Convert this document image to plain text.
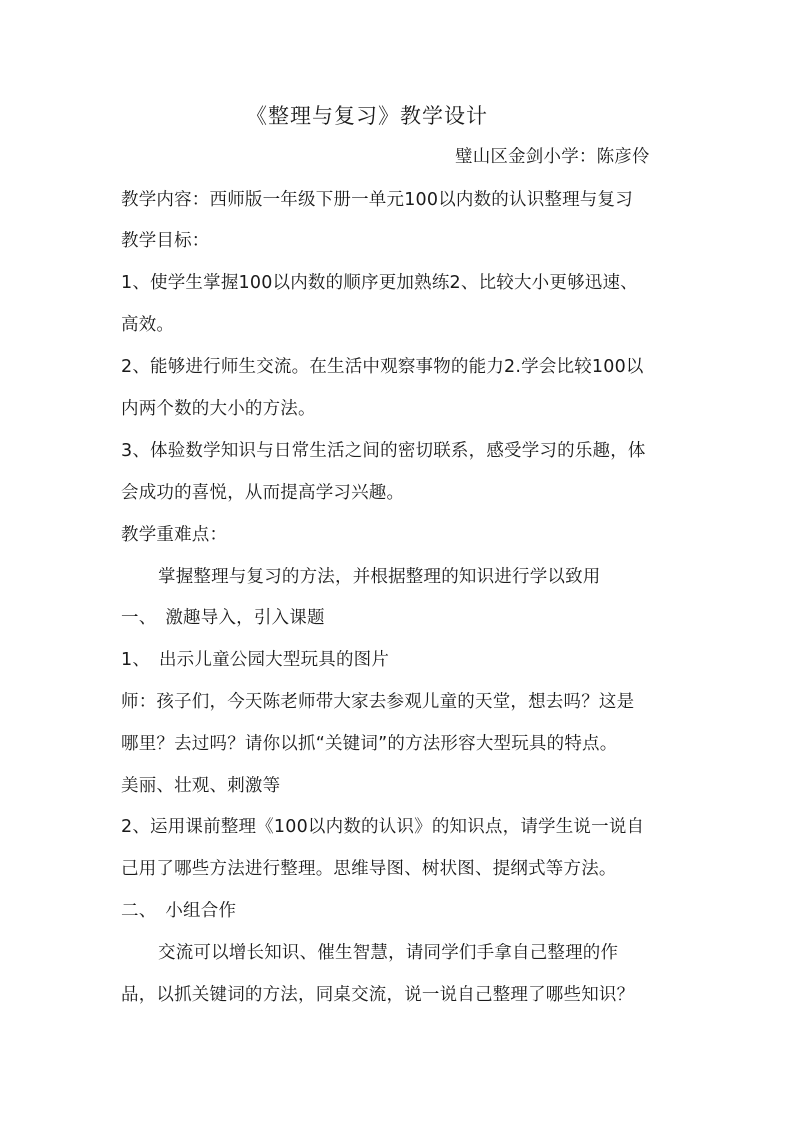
《整理与复习》教学设计
璧山区金剑小学：陈彦伶
教学内容：西师版一年级下册一单元100以内数的认识整理与复习
教学目标：
1、使学生掌握100以内数的顺序更加熟练2、比较大小更够迅速、
高效。
2、能够进行师生交流。在生活中观察事物的能力2.学会比较100以
内两个数的大小的方法。
3、体验数学知识与日常生活之间的密切联系，感受学习的乐趣，体
会成功的喜悦，从而提高学习兴趣。
教学重难点：
掌握整理与复习的方法，并根据整理的知识进行学以致用
一、　激趣导入，引入课题
1、　出示儿童公园大型玩具的图片
师：孩子们，今天陈老师带大家去参观儿童的天堂，想去吗？这是
哪里？去过吗？请你以抓“关键词”的方法形容大型玩具的特点。
美丽、壮观、刺激等
2、运用课前整理《100以内数的认识》的知识点，请学生说一说自
己用了哪些方法进行整理。思维导图、树状图、提纲式等方法。
二、　小组合作
交流可以增长知识、催生智慧，请同学们手拿自己整理的作
品，以抓关键词的方法，同桌交流，说一说自己整理了哪些知识？
